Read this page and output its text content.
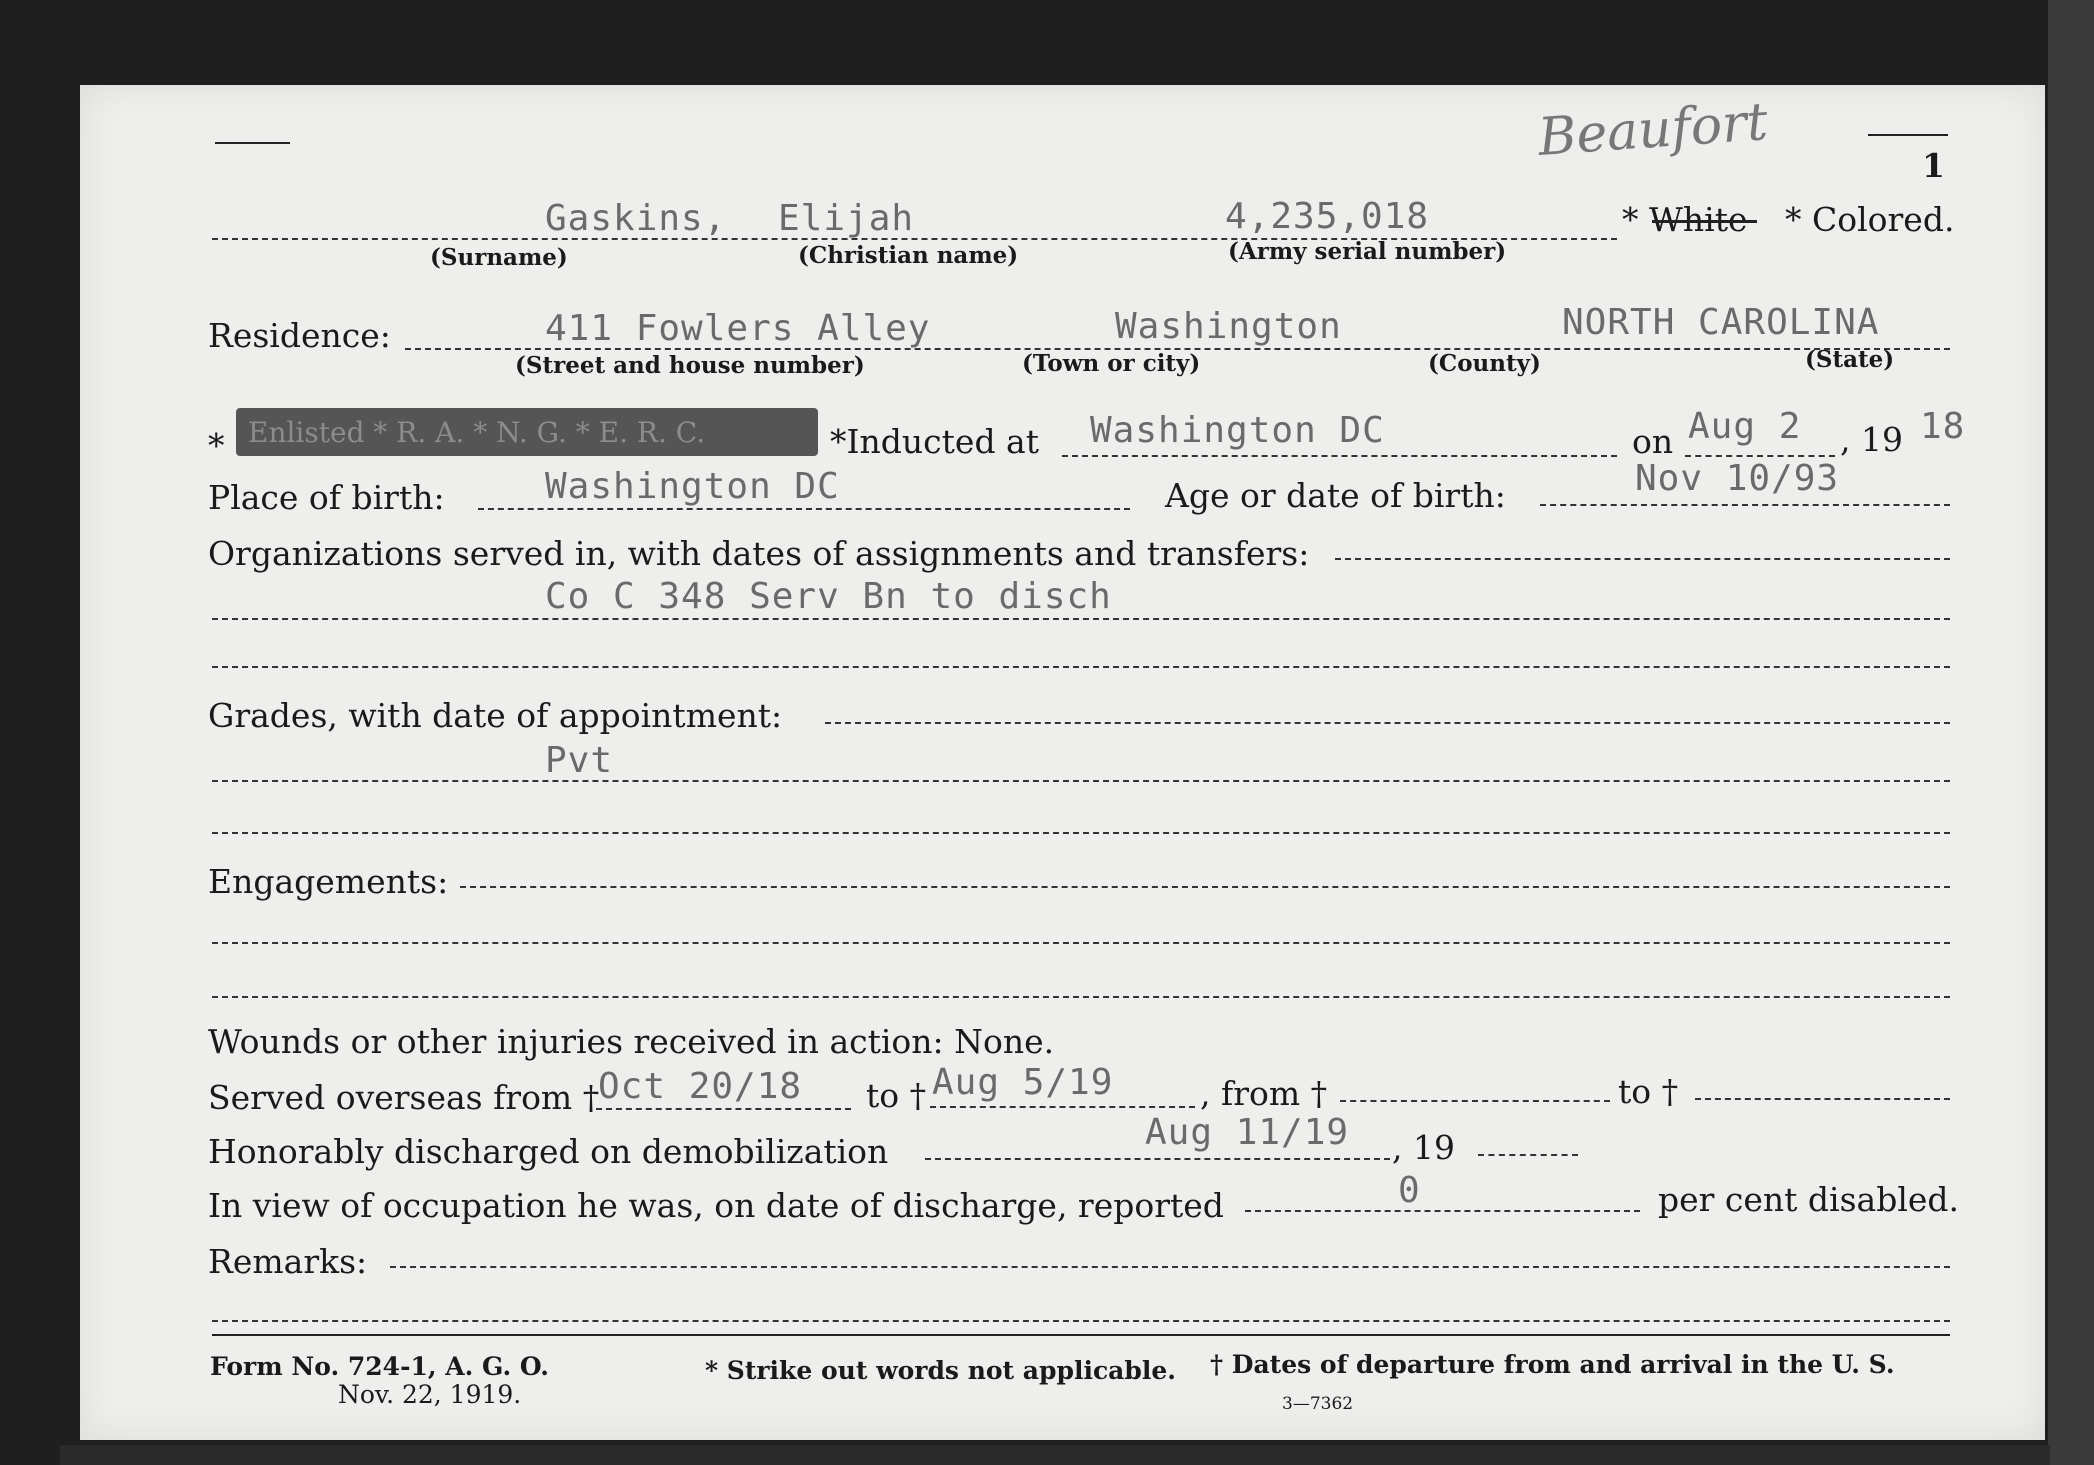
1
Beaufort
Gaskins, Elijah	4,235,018	* White * Colored.
(Surname)	(Christian name)	(Army serial number)
Residence:	411 Fowlers Alley	Washington	NORTH CAROLINA
(Street and house number)	(Town or city)	(County)	(State)
* Enlisted * R. A. * N. G. * E. R. C.	*Inducted at Washington DC	on Aug 2 , 19 18
Place of birth:	Washington DC	Age or date of birth:	Nov 10/93
Organizations served in, with dates of assignments and transfers:
Co C 348 Serv Bn to disch
Grades, with date of appointment:
Pvt
Engagements:
Wounds or other injuries received in action: None.
Served overseas from †
Oct 20/18 to † Aug 5/19	, from †	to †
Honorably discharged on demobilization	Aug 11/19 , 19
In view of occupation he was, on date of discharge, reported	0	per cent disabled.
Remarks:
Form No. 724-1, A. G. O.
Nov. 22, 1919.
* Strike out words not applicable. † Dates of departure from and arrival in the U. S.
3—7362
